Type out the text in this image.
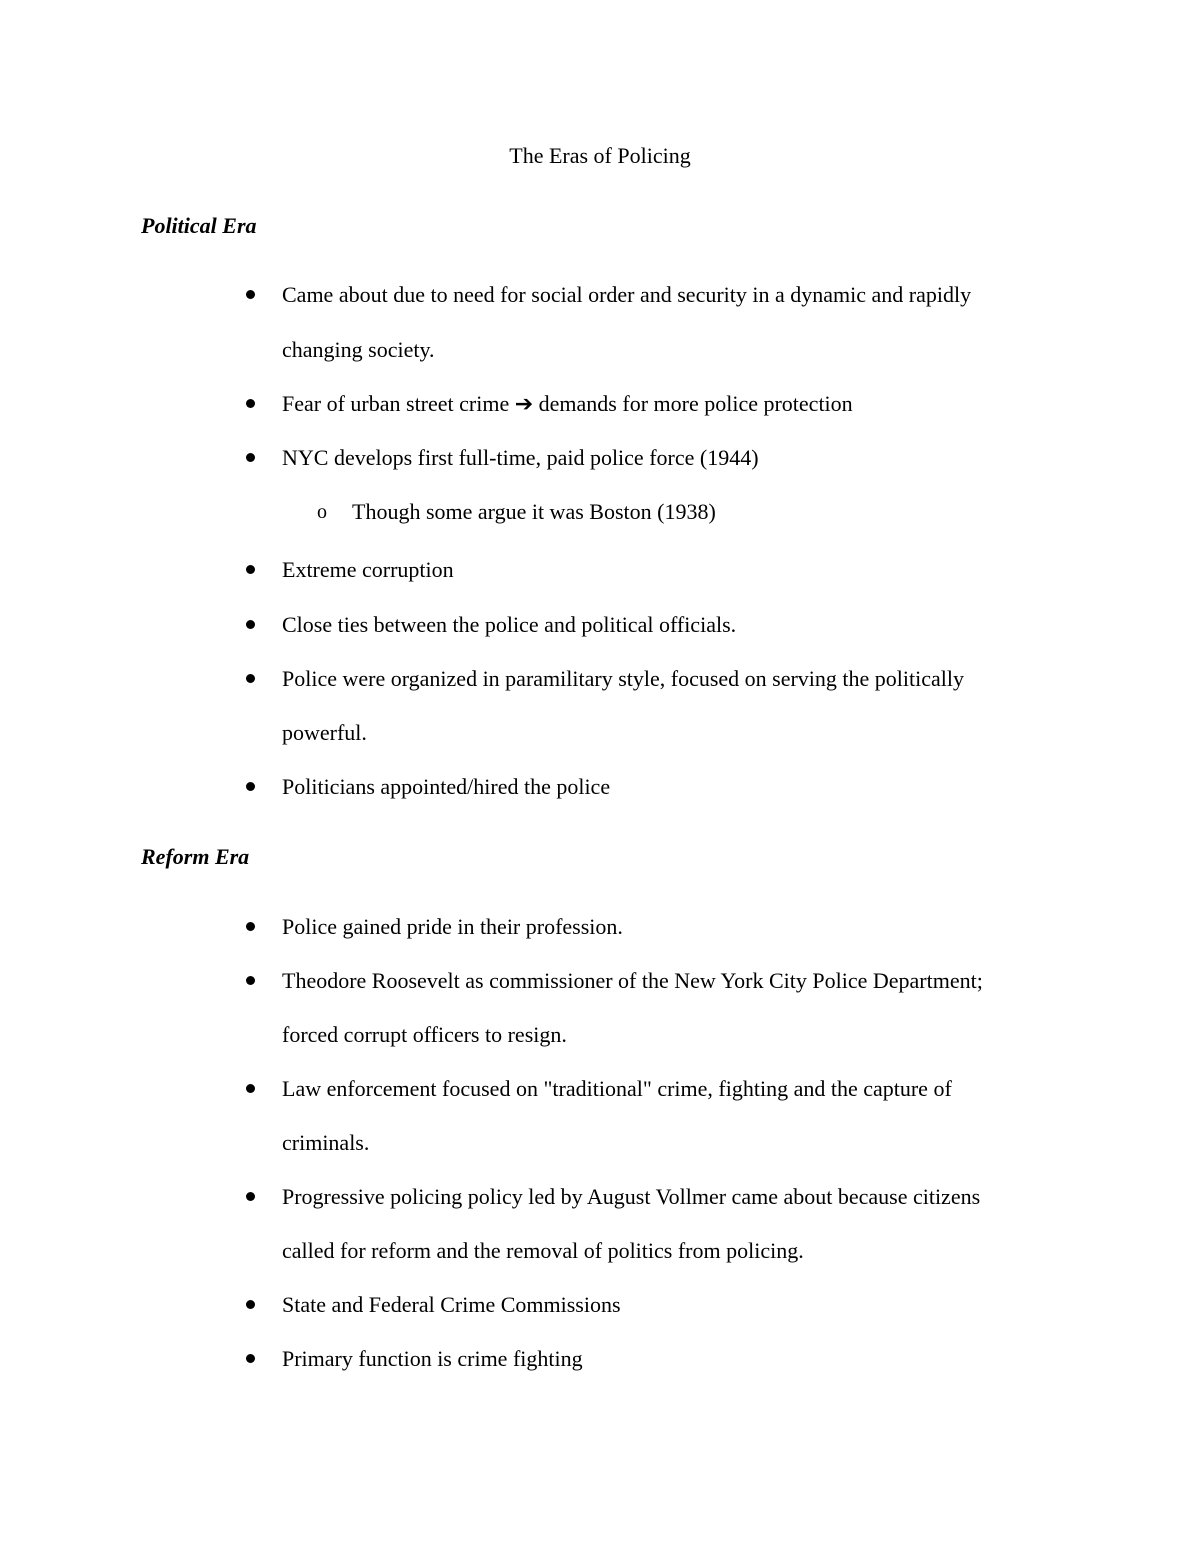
The Eras of Policing
Political Era
Came about due to need for social order and security in a dynamic and rapidly
changing society.
Fear of urban street crime ➔ demands for more police protection
NYC develops first full-time, paid police force (1944)
o Though some argue it was Boston (1938)
Extreme corruption
Close ties between the police and political officials.
Police were organized in paramilitary style, focused on serving the politically
powerful.
Politicians appointed/hired the police
Reform Era
Police gained pride in their profession.
Theodore Roosevelt as commissioner of the New York City Police Department;
forced corrupt officers to resign.
Law enforcement focused on "traditional" crime, fighting and the capture of
criminals.
Progressive policing policy led by August Vollmer came about because citizens
called for reform and the removal of politics from policing.
State and Federal Crime Commissions
Primary function is crime fighting
